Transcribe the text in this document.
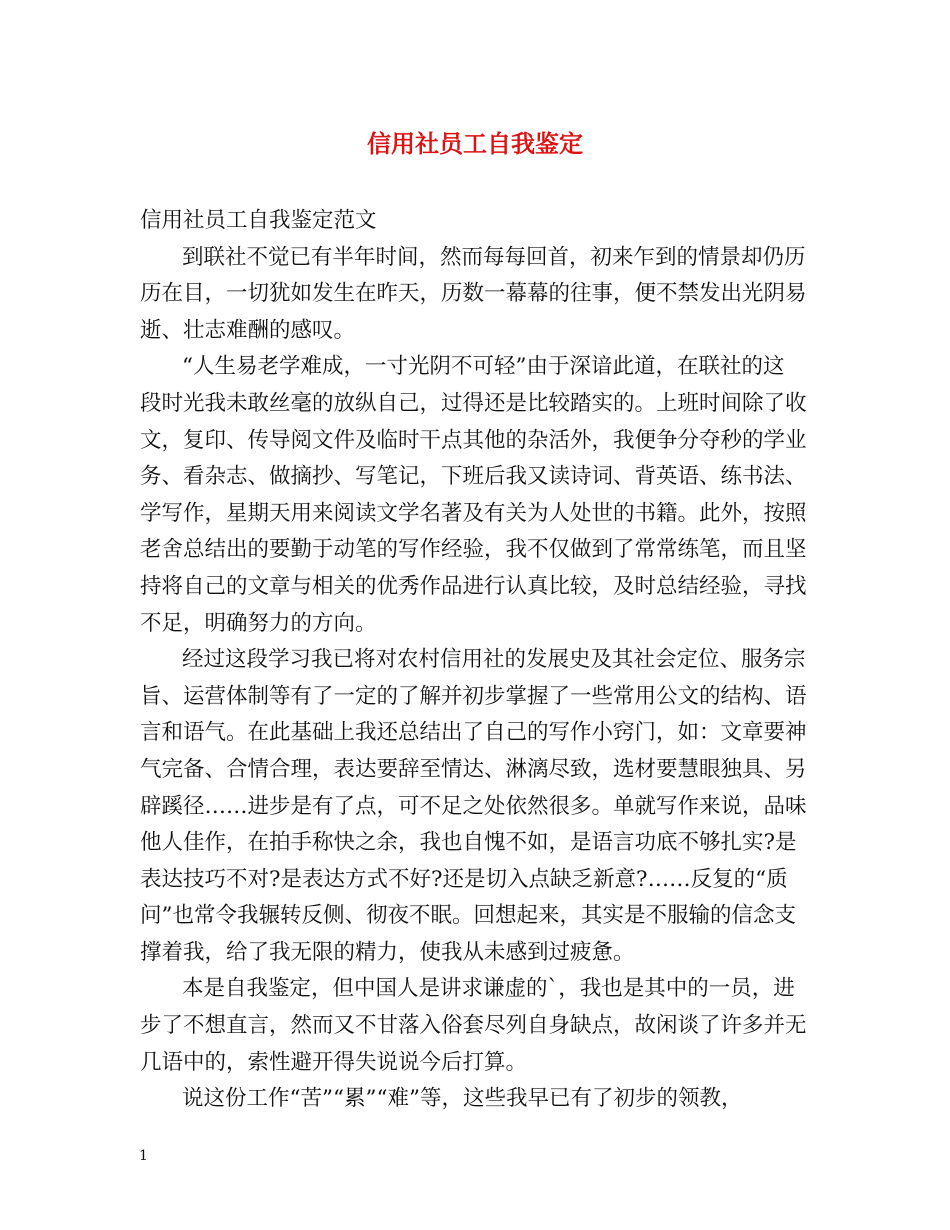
信用社员工自我鉴定
信用社员工自我鉴定范文
到联社不觉已有半年时间，然而每每回首，初来乍到的情景却仍历
历在目，一切犹如发生在昨天，历数一幕幕的往事，便不禁发出光阴易
逝、壮志难酬的感叹。
“人生易老学难成，一寸光阴不可轻”由于深谙此道，在联社的这
段时光我未敢丝毫的放纵自己，过得还是比较踏实的。上班时间除了收
文，复印、传导阅文件及临时干点其他的杂活外，我便争分夺秒的学业
务、看杂志、做摘抄、写笔记，下班后我又读诗词、背英语、练书法、
学写作，星期天用来阅读文学名著及有关为人处世的书籍。此外，按照
老舍总结出的要勤于动笔的写作经验，我不仅做到了常常练笔，而且坚
持将自己的文章与相关的优秀作品进行认真比较，及时总结经验，寻找
不足，明确努力的方向。
经过这段学习我已将对农村信用社的发展史及其社会定位、服务宗
旨、运营体制等有了一定的了解并初步掌握了一些常用公文的结构、语
言和语气。在此基础上我还总结出了自己的写作小窍门，如：文章要神
气完备、合情合理，表达要辞至情达、淋漓尽致，选材要慧眼独具、另
辟蹊径……进步是有了点，可不足之处依然很多。单就写作来说，品味
他人佳作，在拍手称快之余，我也自愧不如，是语言功底不够扎实?是
表达技巧不对?是表达方式不好?还是切入点缺乏新意?……反复的“质
问”也常令我辗转反侧、彻夜不眠。回想起来，其实是不服输的信念支
撑着我，给了我无限的精力，使我从未感到过疲惫。
本是自我鉴定，但中国人是讲求谦虚的`，我也是其中的一员，进
步了不想直言，然而又不甘落入俗套尽列自身缺点，故闲谈了许多并无
几语中的，索性避开得失说说今后打算。
说这份工作“苦”“累”“难”等，这些我早已有了初步的领教，
1
